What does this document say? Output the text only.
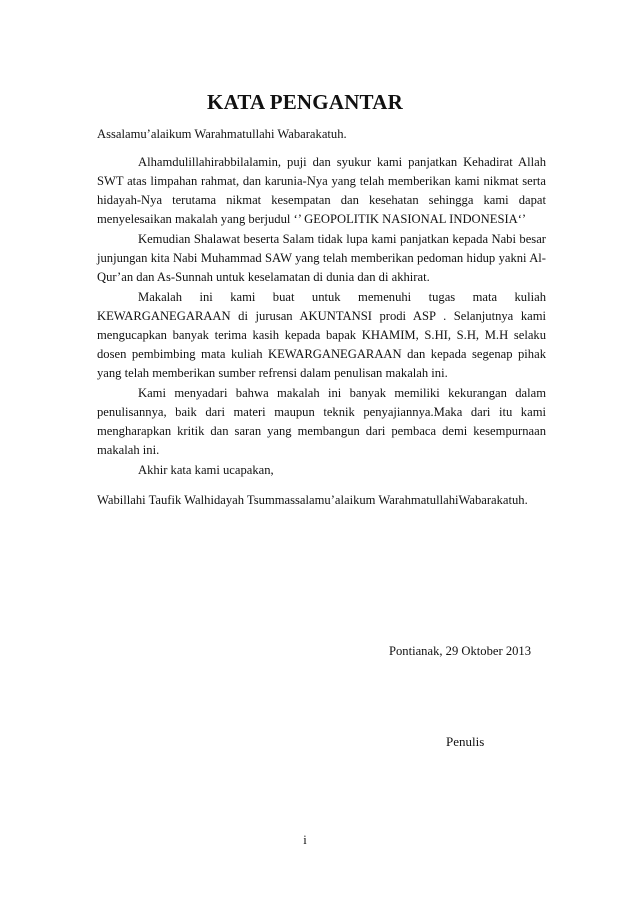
KATA PENGANTAR
Assalamu’alaikum Warahmatullahi Wabarakatuh.
Alhamdulillahirabbilalamin, puji dan syukur kami panjatkan Kehadirat Allah SWT atas limpahan rahmat, dan karunia-Nya yang telah memberikan kami nikmat serta hidayah-Nya terutama nikmat kesempatan dan kesehatan sehingga kami dapat menyelesaikan makalah yang berjudul ‘’ GEOPOLITIK NASIONAL INDONESIA‘’
Kemudian Shalawat beserta Salam tidak lupa kami panjatkan kepada Nabi besar junjungan kita Nabi Muhammad SAW yang telah memberikan pedoman hidup yakni Al-Qur’an dan As-Sunnah untuk keselamatan di dunia dan di akhirat.
Makalah ini kami buat untuk memenuhi tugas mata kuliah KEWARGANEGARAAN di jurusan AKUNTANSI prodi ASP . Selanjutnya kami mengucapkan banyak terima kasih kepada bapak KHAMIM, S.HI, S.H, M.H selaku dosen pembimbing mata kuliah KEWARGANEGARAAN dan kepada segenap pihak yang telah memberikan sumber refrensi dalam penulisan makalah ini.
Kami menyadari bahwa makalah ini banyak memiliki kekurangan dalam penulisannya, baik dari materi maupun teknik penyajiannya.Maka dari itu kami mengharapkan kritik dan saran yang membangun dari pembaca demi kesempurnaan makalah ini.
Akhir kata kami ucapakan,
Wabillahi Taufik Walhidayah Tsummassalamu’alaikum WarahmatullahiWabarakatuh.
Pontianak, 29 Oktober 2013
Penulis
i
